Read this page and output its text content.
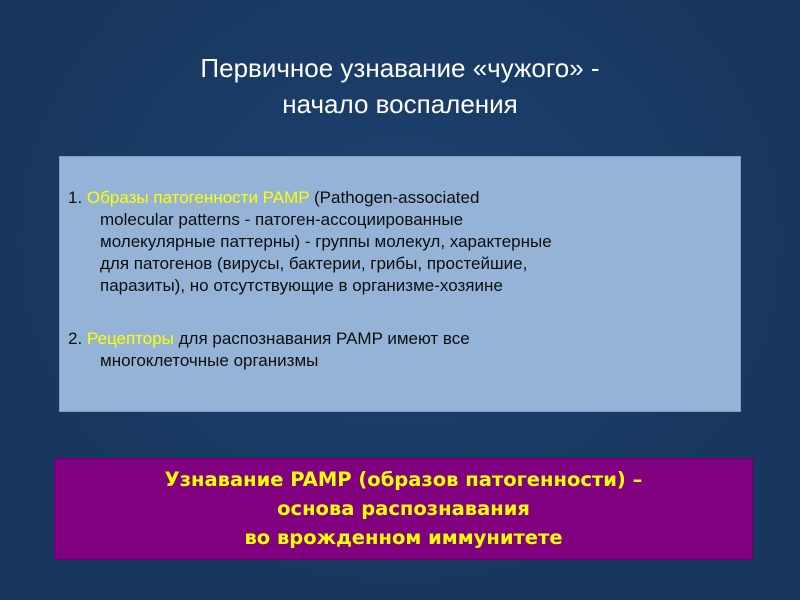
Первичное узнавание «чужого» -
начало воспаления
1. Образы патогенности PAMP (Pathogen-associated
molecular patterns - патоген-ассоциированные
молекулярные паттерны) - группы молекул, характерные
для патогенов (вирусы, бактерии, грибы, простейшие,
паразиты), но отсутствующие в организме-хозяине
2. Рецепторы для распознавания PAMP имеют все
многоклеточные организмы
Узнавание PAMP (образов патогенности) –
основа распознавания
во врожденном иммунитете
